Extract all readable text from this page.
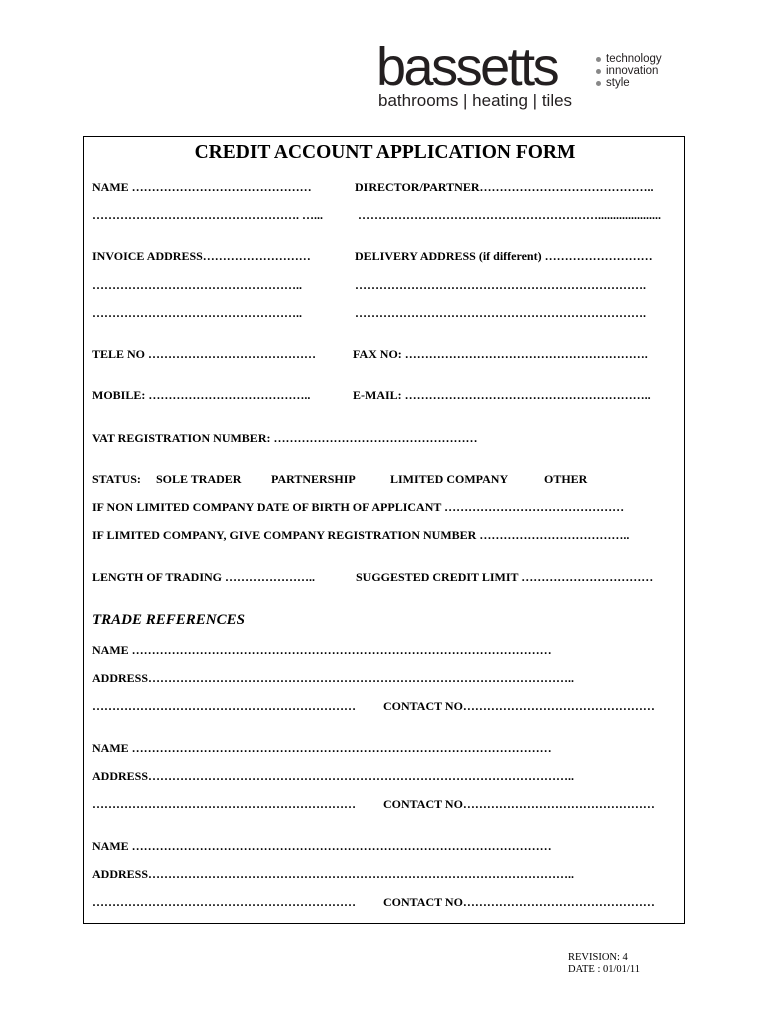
bassetts
bathrooms | heating | tiles
technology
innovation
style
CREDIT ACCOUNT APPLICATION FORM
NAME ………………………………………	DIRECTOR/PARTNER……………………………………..
……………………………………………. …...	…………………………………………………….....................
INVOICE ADDRESS………………………	DELIVERY ADDRESS (if different) ………………………
……………………………………………..	……………………………………………………………….
……………………………………………..	……………………………………………………………….
TELE NO ……………………………………	FAX NO: …………………………………………………….
MOBILE: …………………………………..	E-MAIL: ……………………………………………………..
VAT REGISTRATION NUMBER: ……………………………………………
STATUS: SOLE TRADER PARTNERSHIP	LIMITED COMPANY	OTHER
IF NON LIMITED COMPANY DATE OF BIRTH OF APPLICANT ………………………………………
IF LIMITED COMPANY, GIVE COMPANY REGISTRATION NUMBER ………………………………..
LENGTH OF TRADING …………………..	SUGGESTED CREDIT LIMIT ……………………………
TRADE REFERENCES
NAME ……………………………………………………………………………………………
ADDRESS……………………………………………………………………………………………..
………………………………………………………… CONTACT NO…………………………………………
NAME ……………………………………………………………………………………………
ADDRESS……………………………………………………………………………………………..
………………………………………………………… CONTACT NO…………………………………………
NAME ……………………………………………………………………………………………
ADDRESS……………………………………………………………………………………………..
………………………………………………………… CONTACT NO…………………………………………
REVISION: 4
DATE : 01/01/11
